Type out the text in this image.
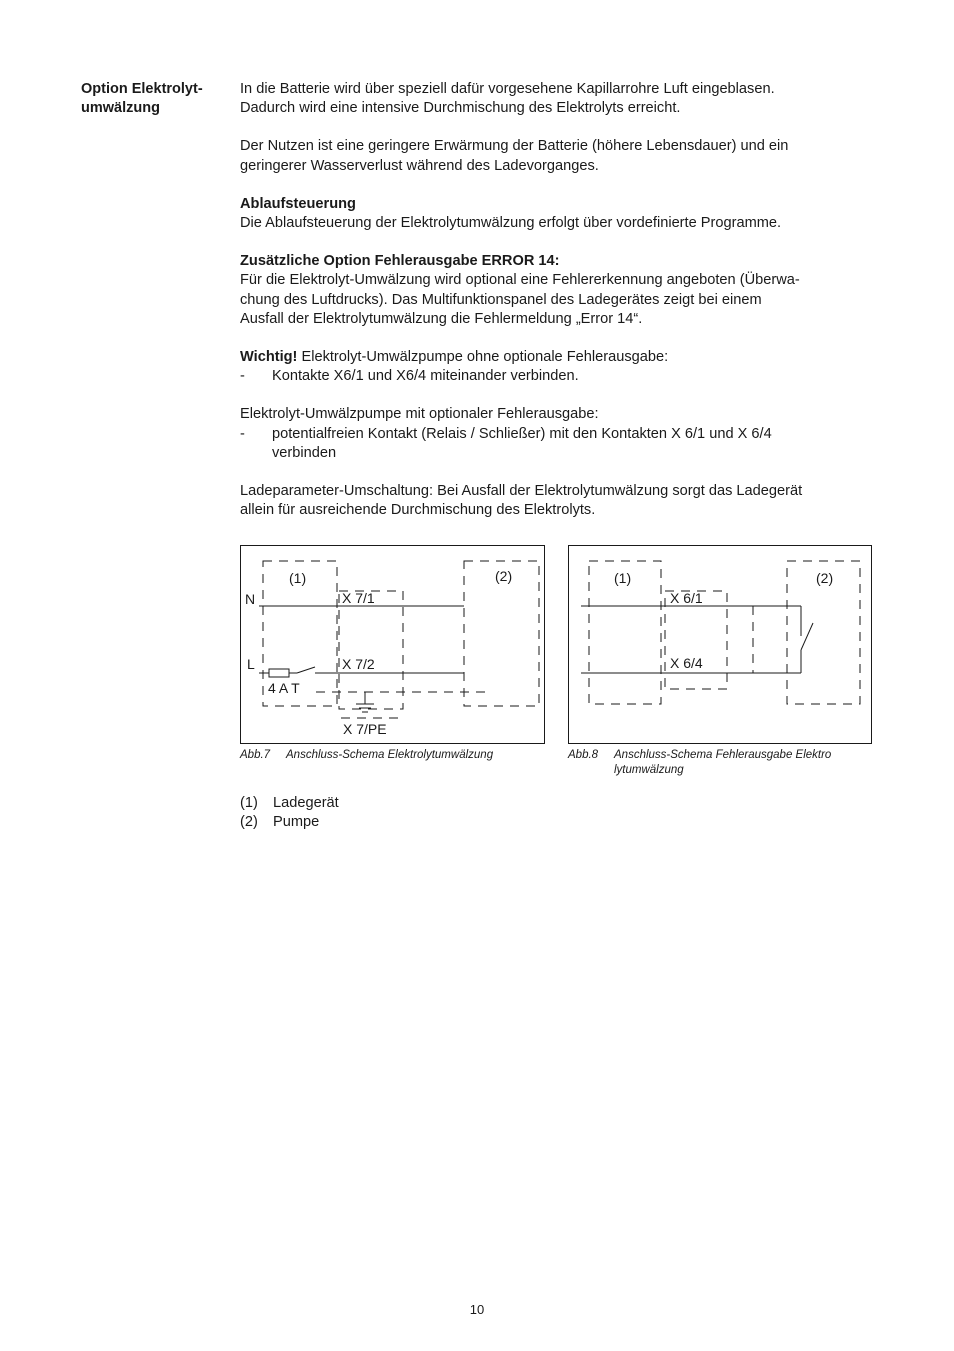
Option Elektrolyt-
umwälzung

In die Batterie wird über speziell dafür vorgesehene Kapillarrohre Luft eingeblasen.
Dadurch wird eine intensive Durchmischung des Elektrolyts erreicht.

Der Nutzen ist eine geringere Erwärmung der Batterie (höhere Lebensdauer) und ein
geringerer Wasserverlust während des Ladevorganges.

Ablaufsteuerung
Die Ablaufsteuerung der Elektrolytumwälzung erfolgt über vordefinierte Programme.

Zusätzliche Option Fehlerausgabe ERROR 14:
Für die Elektrolyt-Umwälzung wird optional eine Fehlererkennung angeboten (Überwa-
chung des Luftdrucks). Das Multifunktionspanel des Ladegerätes zeigt bei einem
Ausfall der Elektrolytumwälzung die Fehlermeldung „Error 14“.

Wichtig! Elektrolyt-Umwälzpumpe ohne optionale Fehlerausgabe:
-	Kontakte X6/1 und X6/4 miteinander verbinden.

Elektrolyt-Umwälzpumpe mit optionaler Fehlerausgabe:
-	potentialfreien Kontakt (Relais / Schließer) mit den Kontakten X 6/1 und X 6/4
verbinden

Ladeparameter-Umschaltung: Bei Ausfall der Elektrolytumwälzung sorgt das Ladegerät
allein für ausreichende Durchmischung des Elektrolyts.

(1)	(2)
N
L
X 7/1
X 7/2
4 A T
X 7/PE
Abb.7	Anschluss-Schema Elektrolytumwälzung
(1)	(2)
X 6/1
X 6/4
Abb.8	Anschluss-Schema Fehlerausgabe Elektro
lytumwälzung
(1)	Ladegerät
(2)	Pumpe
10
